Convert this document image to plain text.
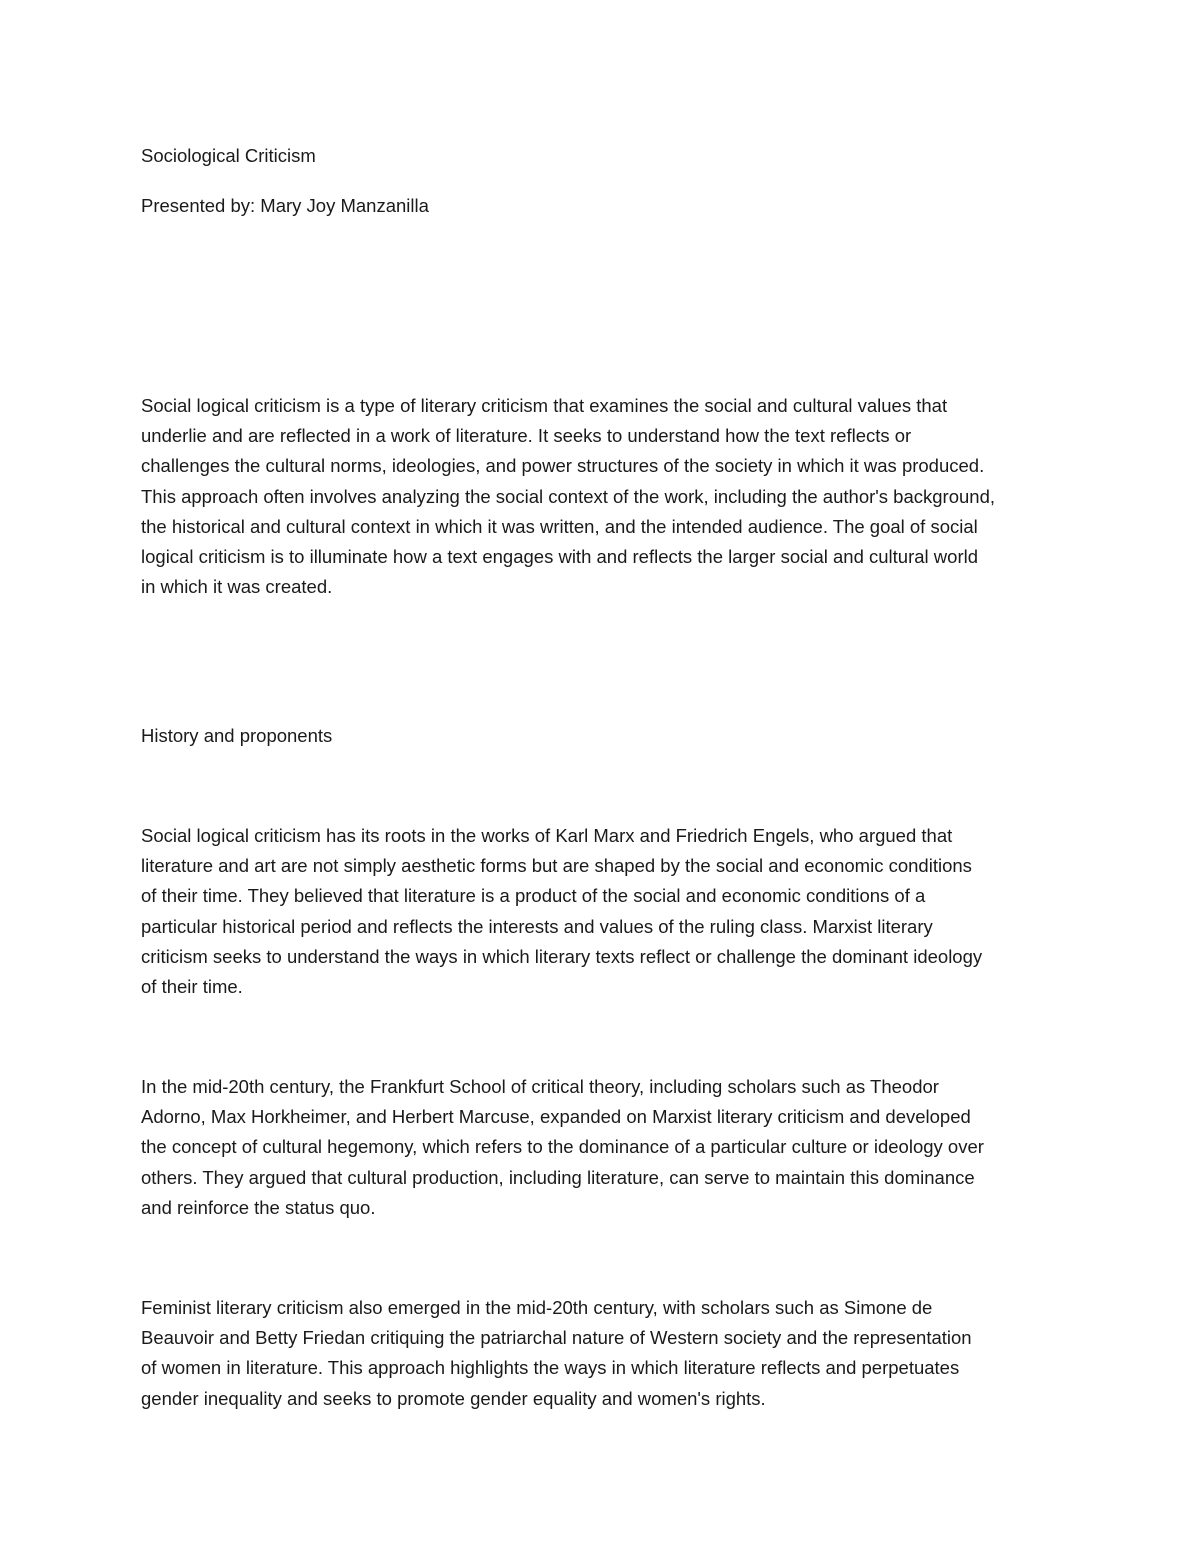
Sociological Criticism
Presented by: Mary Joy Manzanilla

Social logical criticism is a type of literary criticism that examines the social and cultural values that
underlie and are reflected in a work of literature. It seeks to understand how the text reflects or
challenges the cultural norms, ideologies, and power structures of the society in which it was produced.
This approach often involves analyzing the social context of the work, including the author's background,
the historical and cultural context in which it was written, and the intended audience. The goal of social
logical criticism is to illuminate how a text engages with and reflects the larger social and cultural world
in which it was created.

History and proponents

Social logical criticism has its roots in the works of Karl Marx and Friedrich Engels, who argued that
literature and art are not simply aesthetic forms but are shaped by the social and economic conditions
of their time. They believed that literature is a product of the social and economic conditions of a
particular historical period and reflects the interests and values of the ruling class. Marxist literary
criticism seeks to understand the ways in which literary texts reflect or challenge the dominant ideology
of their time.

In the mid-20th century, the Frankfurt School of critical theory, including scholars such as Theodor
Adorno, Max Horkheimer, and Herbert Marcuse, expanded on Marxist literary criticism and developed
the concept of cultural hegemony, which refers to the dominance of a particular culture or ideology over
others. They argued that cultural production, including literature, can serve to maintain this dominance
and reinforce the status quo.

Feminist literary criticism also emerged in the mid-20th century, with scholars such as Simone de
Beauvoir and Betty Friedan critiquing the patriarchal nature of Western society and the representation
of women in literature. This approach highlights the ways in which literature reflects and perpetuates
gender inequality and seeks to promote gender equality and women's rights.
